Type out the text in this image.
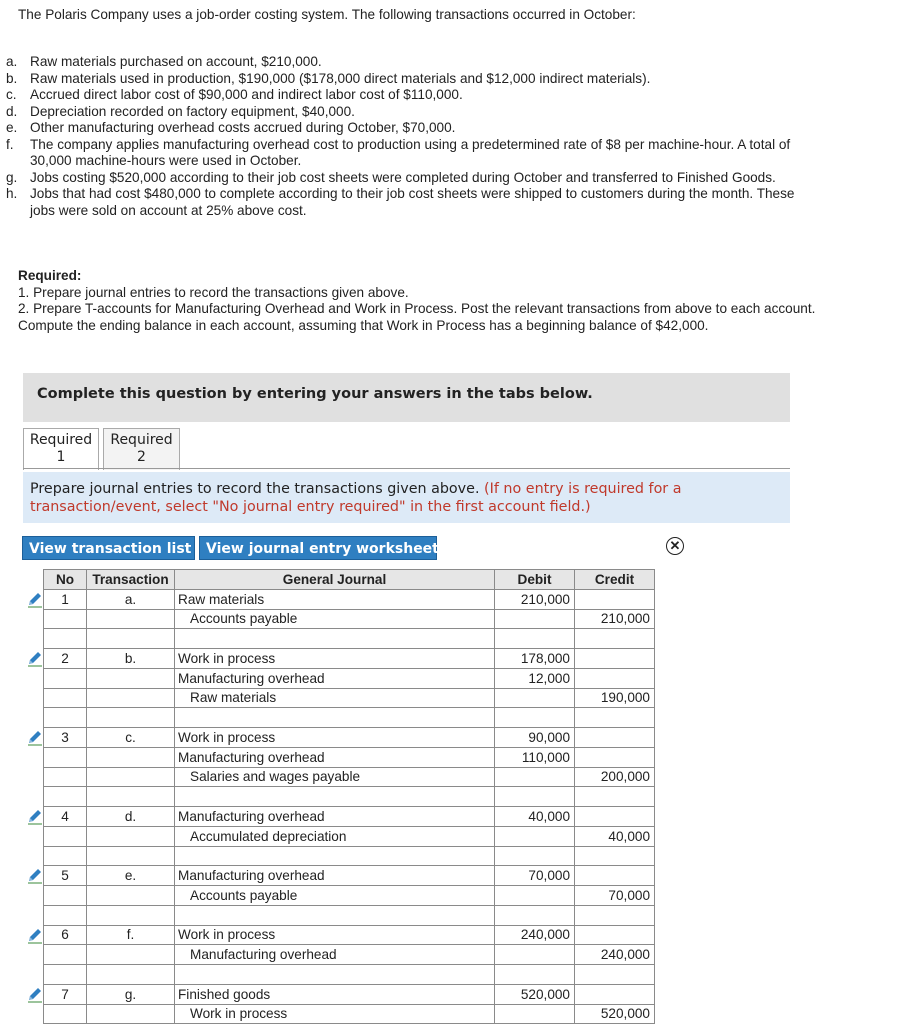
The Polaris Company uses a job-order costing system. The following transactions occurred in October:
a. Raw materials purchased on account, $210,000.
b. Raw materials used in production, $190,000 ($178,000 direct materials and $12,000 indirect materials).
c. Accrued direct labor cost of $90,000 and indirect labor cost of $110,000.
d. Depreciation recorded on factory equipment, $40,000.
e. Other manufacturing overhead costs accrued during October, $70,000.
f.	The company applies manufacturing overhead cost to production using a predetermined rate of $8 per machine-hour. A total of 30,000 machine-hours were used in October.
g. Jobs costing $520,000 according to their job cost sheets were completed during October and transferred to Finished Goods.
h. Jobs that had cost $480,000 to complete according to their job cost sheets were shipped to customers during the month. These jobs were sold on account at 25% above cost.
Required:
1. Prepare journal entries to record the transactions given above.
2. Prepare T-accounts for Manufacturing Overhead and Work in Process. Post the relevant transactions from above to each account. Compute the ending balance in each account, assuming that Work in Process has a beginning balance of $42,000.
Complete this question by entering your answers in the tabs below.
Required
1
Required
2
Prepare journal entries to record the transactions given above. (If no entry is required for a transaction/event, select "No journal entry required" in the first account field.)
View transaction list	View journal entry worksheet	✕
No	Transaction	General Journal	Debit	Credit
1	a.	Raw materials	210,000	
		Accounts payable		210,000

2	b.	Work in process	178,000	
		Manufacturing overhead	12,000	
		Raw materials		190,000

3	c.	Work in process	90,000	
		Manufacturing overhead	110,000	
		Salaries and wages payable		200,000

4	d.	Manufacturing overhead	40,000	
		Accumulated depreciation		40,000

5	e.	Manufacturing overhead	70,000	
		Accounts payable		70,000

6	f.	Work in process	240,000	
		Manufacturing overhead		240,000

7	g.	Finished goods	520,000	
		Work in process		520,000
